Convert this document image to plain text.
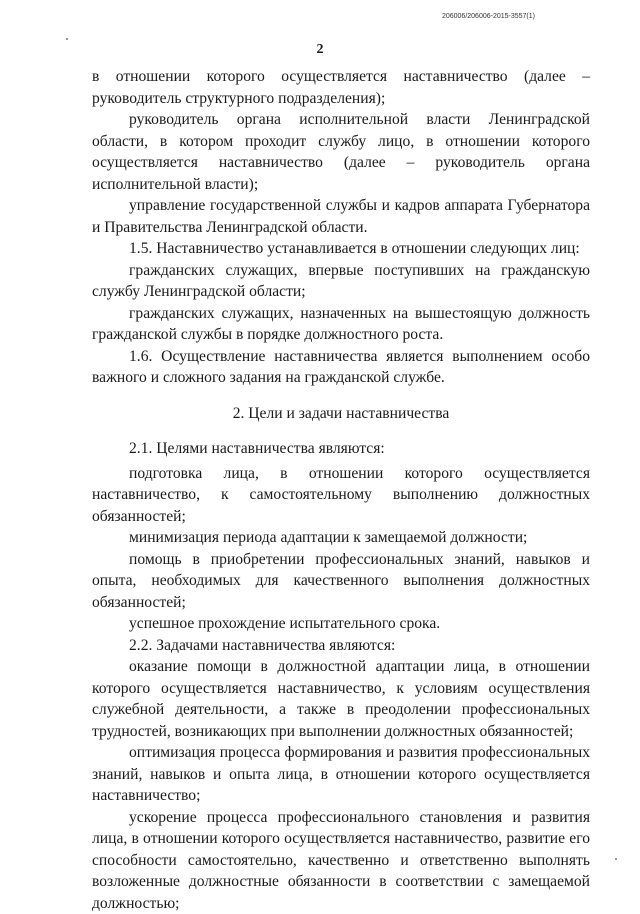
206006/206006-2015-3557(1)
2

в отношении которого осуществляется наставничество (далее – руководитель структурного подразделения);

руководитель органа исполнительной власти Ленинградской области, в котором проходит службу лицо, в отношении которого осуществляется наставничество (далее – руководитель органа исполнительной власти);

управление государственной службы и кадров аппарата Губернатора и Правительства Ленинградской области.

1.5. Наставничество устанавливается в отношении следующих лиц:

гражданских служащих, впервые поступивших на гражданскую службу Ленинградской области;

гражданских служащих, назначенных на вышестоящую должность гражданской службы в порядке должностного роста.

1.6. Осуществление наставничества является выполнением особо важного и сложного задания на гражданской службе.

2. Цели и задачи наставничества

2.1. Целями наставничества являются:

подготовка лица, в отношении которого осуществляется наставничество, к самостоятельному выполнению должностных обязанностей;

минимизация периода адаптации к замещаемой должности;

помощь в приобретении профессиональных знаний, навыков и опыта, необходимых для качественного выполнения должностных обязанностей;

успешное прохождение испытательного срока.

2.2. Задачами наставничества являются:

оказание помощи в должностной адаптации лица, в отношении которого осуществляется наставничество, к условиям осуществления служебной деятельности, а также в преодолении профессиональных трудностей, возникающих при выполнении должностных обязанностей;

оптимизация процесса формирования и развития профессиональных знаний, навыков и опыта лица, в отношении которого осуществляется наставничество;

ускорение процесса профессионального становления и развития лица, в отношении которого осуществляется наставничество, развитие его способности самостоятельно, качественно и ответственно выполнять возложенные должностные обязанности в соответствии с замещаемой должностью;
